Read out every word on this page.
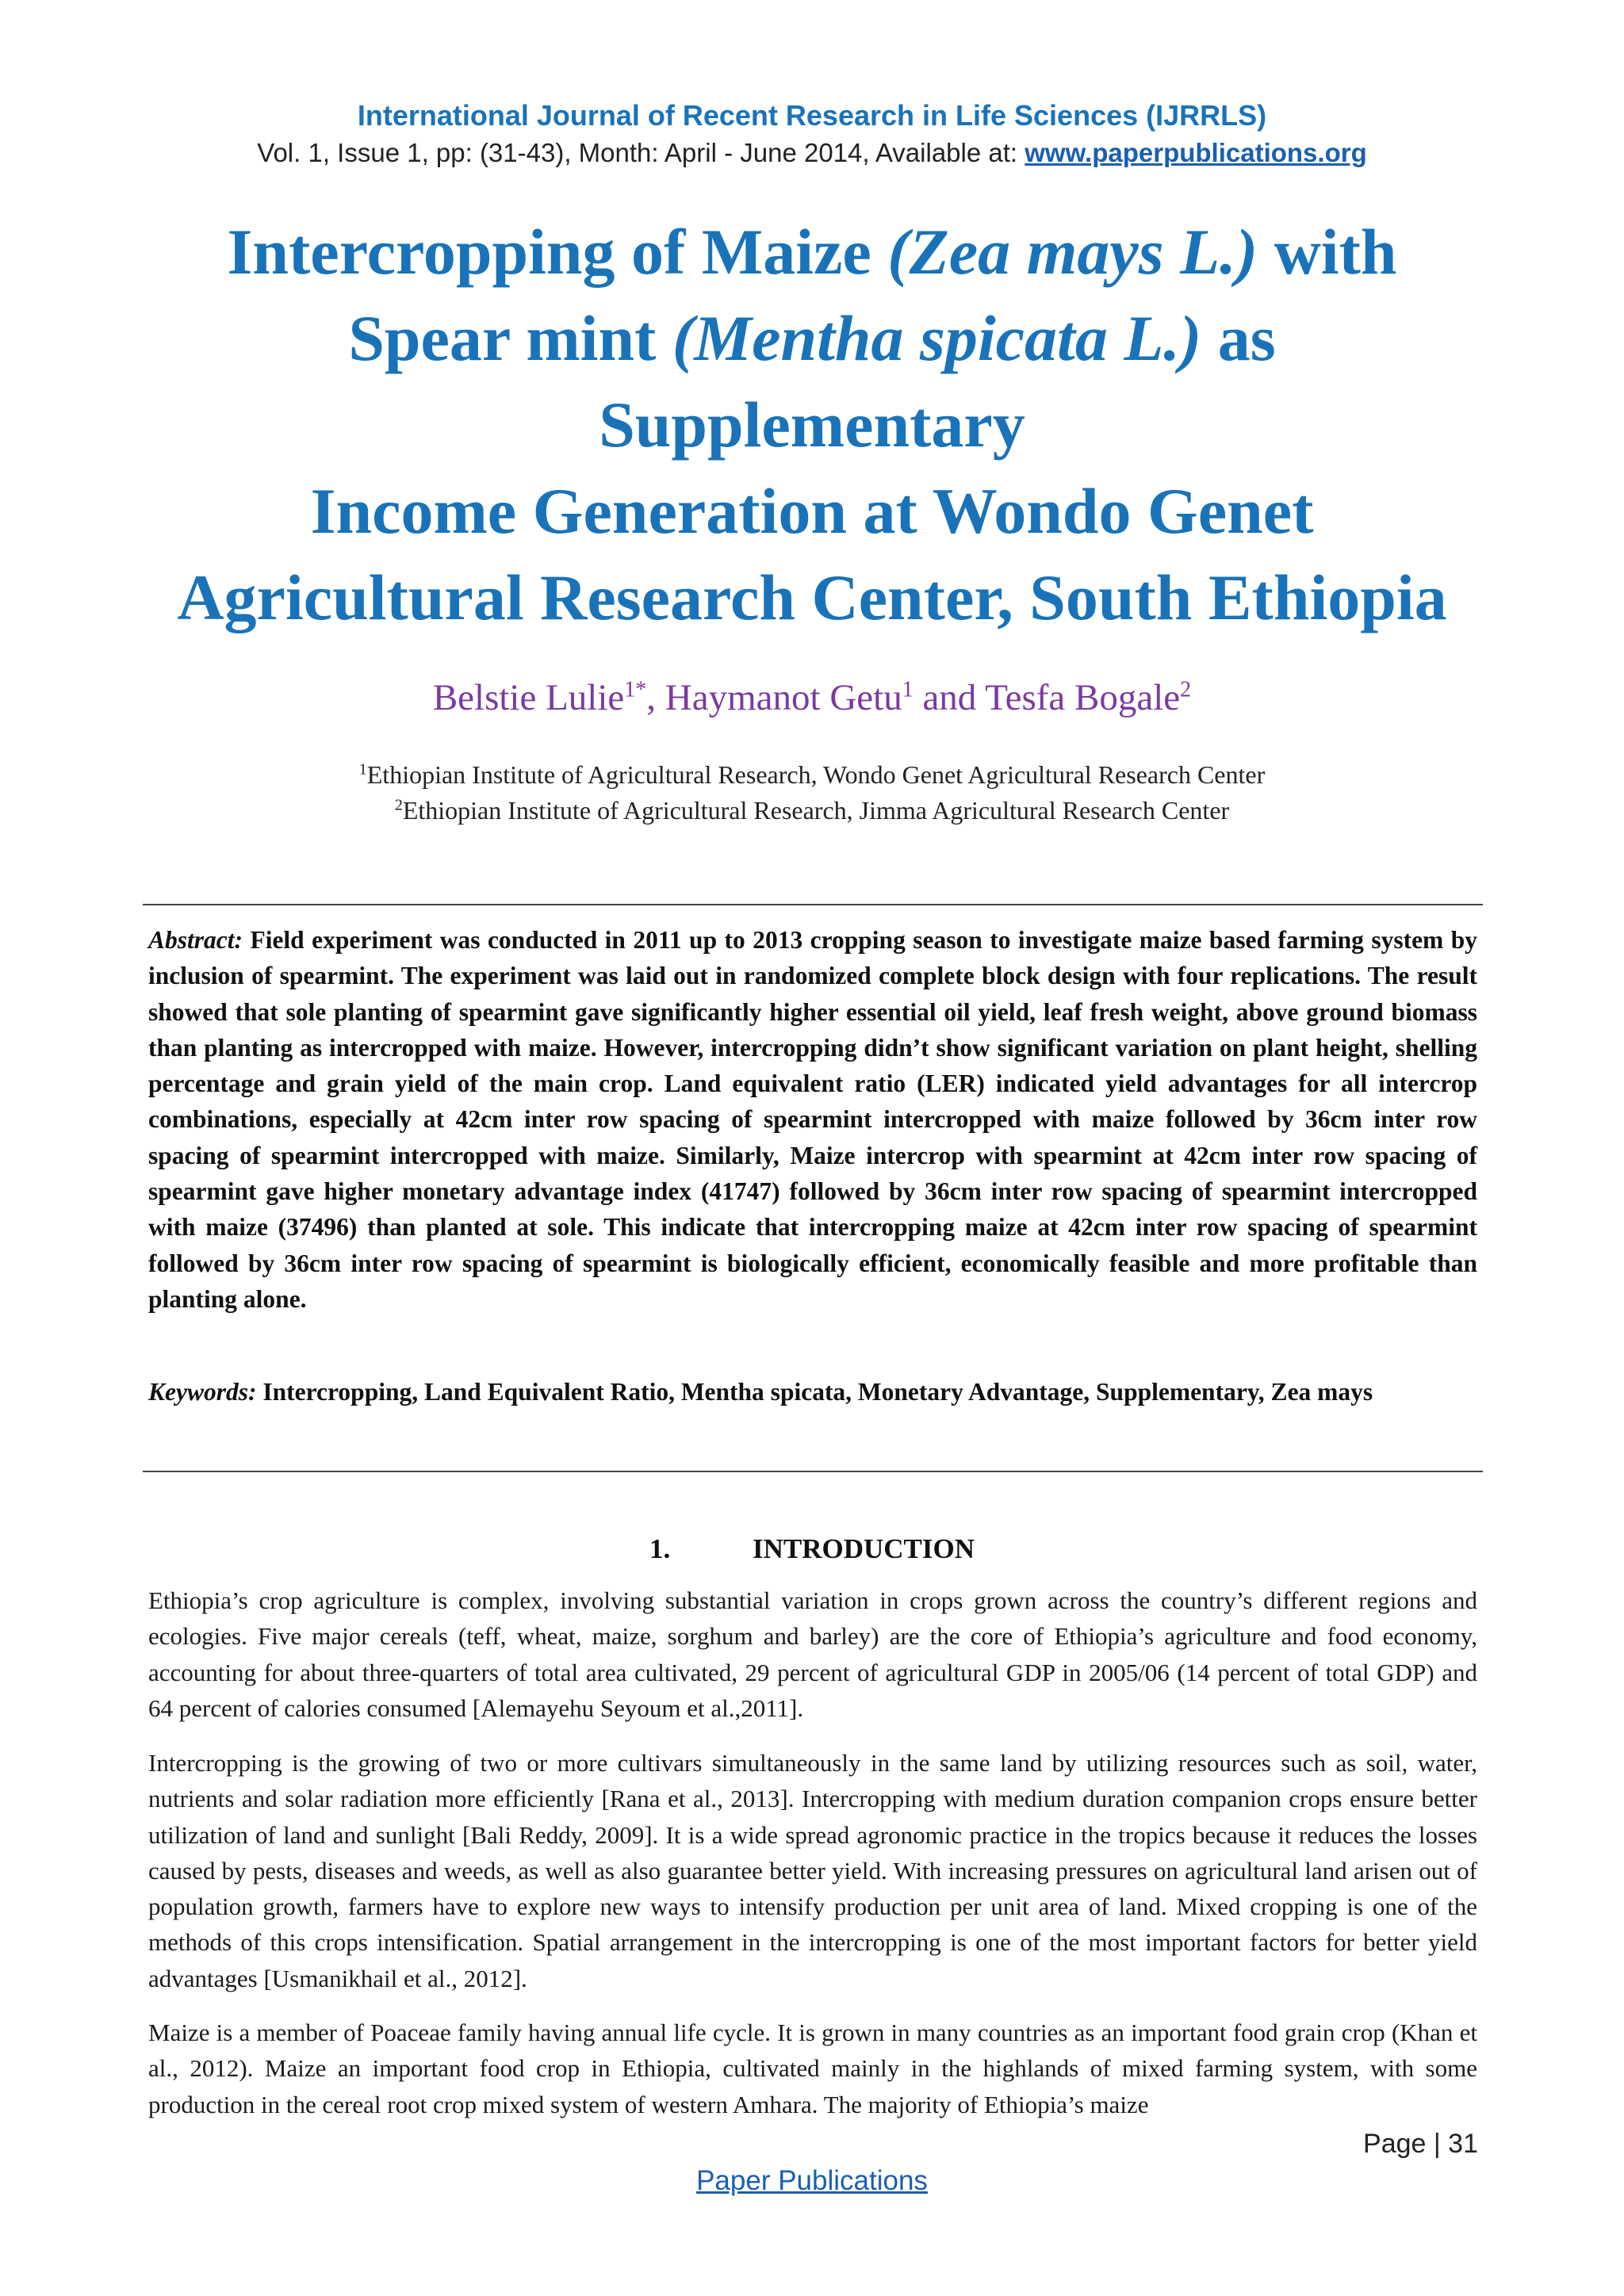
International Journal of Recent Research in Life Sciences (IJRRLS)
Vol. 1, Issue 1, pp: (31-43), Month: April - June 2014, Available at: www.paperpublications.org
Intercropping of Maize (Zea mays L.) with
Spear mint (Mentha spicata L.) as
Supplementary
Income Generation at Wondo Genet
Agricultural Research Center, South Ethiopia
Belstie Lulie$^{1*}$, Haymanot Getu$^1$ and Tesfa Bogale$^2$
$^1$Ethiopian Institute of Agricultural Research, Wondo Genet Agricultural Research Center
$^2$Ethiopian Institute of Agricultural Research, Jimma Agricultural Research Center

Abstract: Field experiment was conducted in 2011 up to 2013 cropping season to investigate maize based farming system by inclusion of spearmint. The experiment was laid out in randomized complete block design with four replications. The result showed that sole planting of spearmint gave significantly higher essential oil yield, leaf fresh weight, above ground biomass than planting as intercropped with maize. However, intercropping didn’t show significant variation on plant height, shelling percentage and grain yield of the main crop. Land equivalent ratio (LER) indicated yield advantages for all intercrop combinations, especially at 42cm inter row spacing of spearmint intercropped with maize followed by 36cm inter row spacing of spearmint intercropped with maize. Similarly, Maize intercrop with spearmint at 42cm inter row spacing of spearmint gave higher monetary advantage index (41747) followed by 36cm inter row spacing of spearmint intercropped with maize (37496) than planted at sole. This indicate that intercropping maize at 42cm inter row spacing of spearmint followed by 36cm inter row spacing of spearmint is biologically efficient, economically feasible and more profitable than planting alone.

Keywords: Intercropping, Land Equivalent Ratio, Mentha spicata, Monetary Advantage, Supplementary, Zea mays

1.	INTRODUCTION

Ethiopia’s crop agriculture is complex, involving substantial variation in crops grown across the country’s different regions and ecologies. Five major cereals (teff, wheat, maize, sorghum and barley) are the core of Ethiopia’s agriculture and food economy, accounting for about three-quarters of total area cultivated, 29 percent of agricultural GDP in 2005/06 (14 percent of total GDP) and 64 percent of calories consumed [Alemayehu Seyoum et al.,2011].

Intercropping is the growing of two or more cultivars simultaneously in the same land by utilizing resources such as soil, water, nutrients and solar radiation more efficiently [Rana et al., 2013]. Intercropping with medium duration companion crops ensure better utilization of land and sunlight [Bali Reddy, 2009]. It is a wide spread agronomic practice in the tropics because it reduces the losses caused by pests, diseases and weeds, as well as also guarantee better yield. With increasing pressures on agricultural land arisen out of population growth, farmers have to explore new ways to intensify production per unit area of land. Mixed cropping is one of the methods of this crops intensification. Spatial arrangement in the intercropping is one of the most important factors for better yield advantages [Usmanikhail et al., 2012].

Maize is a member of Poaceae family having annual life cycle. It is grown in many countries as an important food grain crop (Khan et al., 2012). Maize an important food crop in Ethiopia, cultivated mainly in the highlands of mixed farming system, with some production in the cereal root crop mixed system of western Amhara. The majority of Ethiopia’s maize

Page | 31
Paper Publications
